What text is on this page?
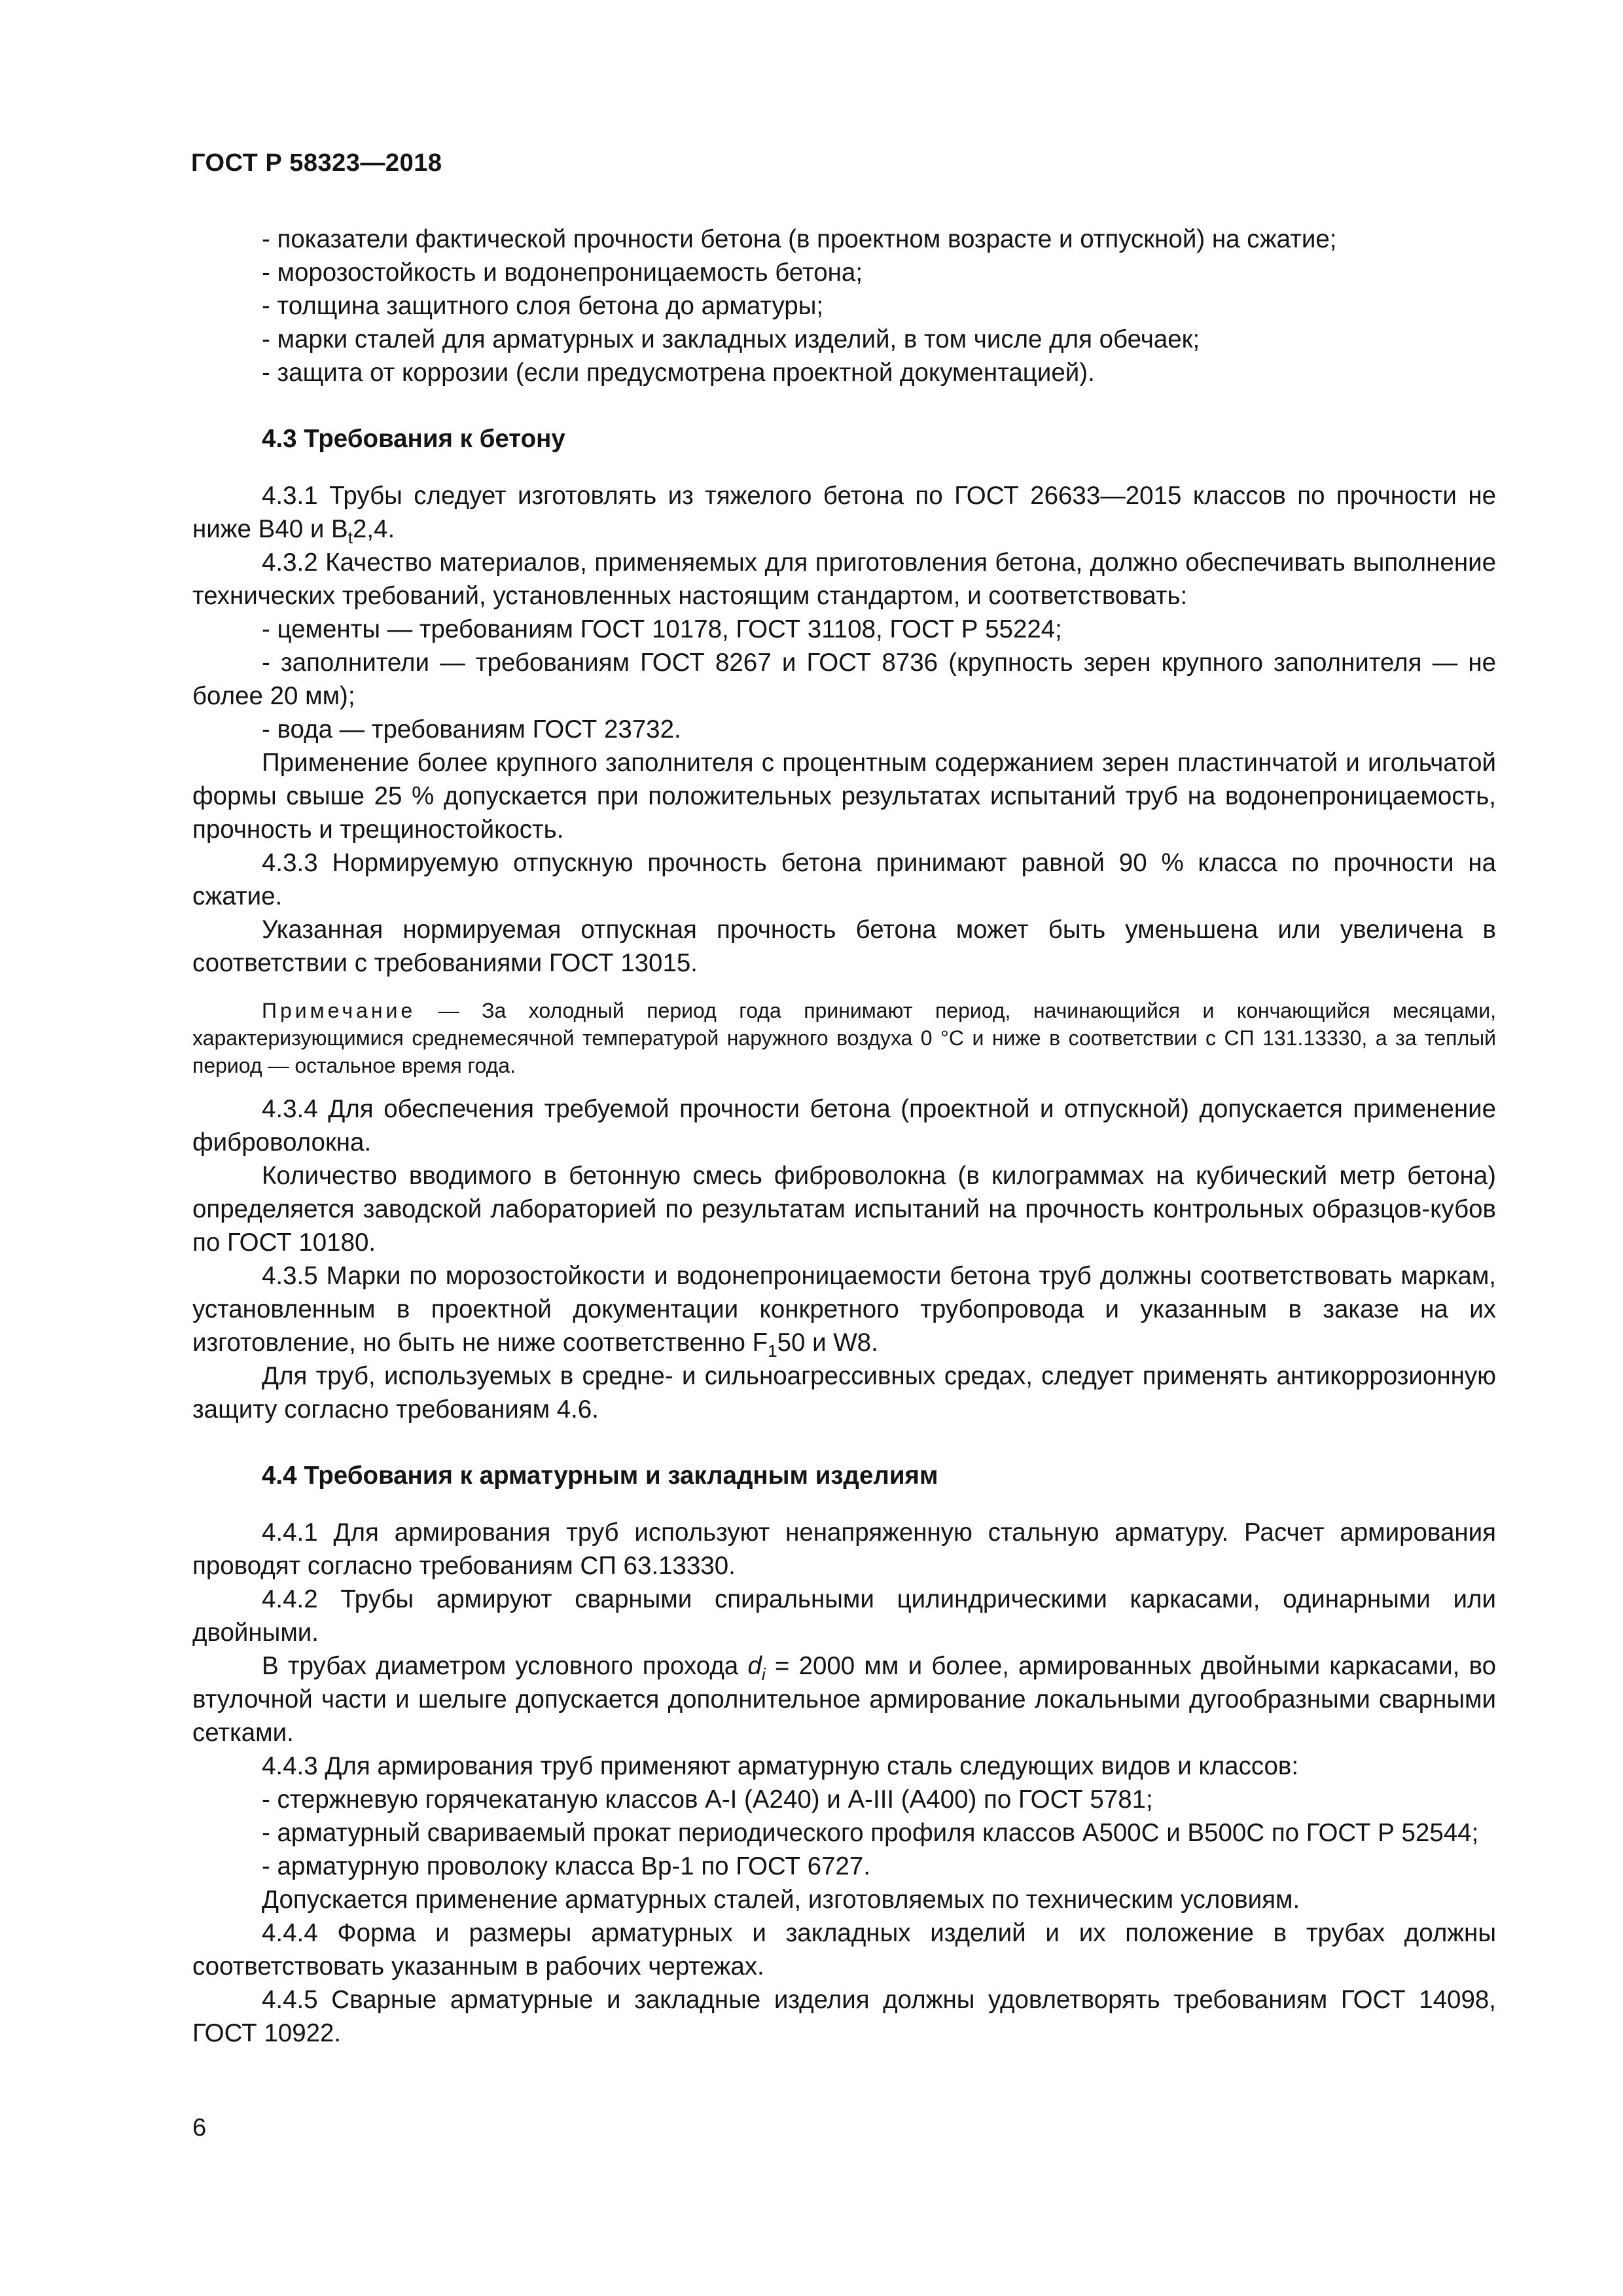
ГОСТ Р 58323—2018

- показатели фактической прочности бетона (в проектном возрасте и отпускной) на сжатие;

- морозостойкость и водонепроницаемость бетона;

- толщина защитного слоя бетона до арматуры;

- марки сталей для арматурных и закладных изделий, в том числе для обечаек;

- защита от коррозии (если предусмотрена проектной документацией).

4.3 Требования к бетону

4.3.1 Трубы следует изготовлять из тяжелого бетона по ГОСТ 26633—2015 классов по прочности не ниже В40 и $В_t2,4$.

4.3.2 Качество материалов, применяемых для приготовления бетона, должно обеспечивать выполнение технических требований, установленных настоящим стандартом, и соответствовать:

- цементы — требованиям ГОСТ 10178, ГОСТ 31108, ГОСТ Р 55224;

- заполнители — требованиям ГОСТ 8267 и ГОСТ 8736 (крупность зерен крупного заполнителя — не более 20 мм);

- вода — требованиям ГОСТ 23732.

Применение более крупного заполнителя с процентным содержанием зерен пластинчатой и игольчатой формы свыше 25 % допускается при положительных результатах испытаний труб на водонепроницаемость, прочность и трещиностойкость.

4.3.3 Нормируемую отпускную прочность бетона принимают равной 90 % класса по прочности на сжатие.

Указанная нормируемая отпускная прочность бетона может быть уменьшена или увеличена в соответствии с требованиями ГОСТ 13015.

Примечание — За холодный период года принимают период, начинающийся и кончающийся месяцами, характеризующимися среднемесячной температурой наружного воздуха 0 °С и ниже в соответствии с СП 131.13330, а за теплый период — остальное время года.

4.3.4 Для обеспечения требуемой прочности бетона (проектной и отпускной) допускается применение фиброволокна.

Количество вводимого в бетонную смесь фиброволокна (в килограммах на кубический метр бетона) определяется заводской лабораторией по результатам испытаний на прочность контрольных образцов-кубов по ГОСТ 10180.

4.3.5 Марки по морозостойкости и водонепроницаемости бетона труб должны соответствовать маркам, установленным в проектной документации конкретного трубопровода и указанным в заказе на их изготовление, но быть не ниже соответственно $F_150$ и W8.

Для труб, используемых в средне- и сильноагрессивных средах, следует применять антикоррозионную защиту согласно требованиям 4.6.

4.4 Требования к арматурным и закладным изделиям

4.4.1 Для армирования труб используют ненапряженную стальную арматуру. Расчет армирования проводят согласно требованиям СП 63.13330.

4.4.2 Трубы армируют сварными спиральными цилиндрическими каркасами, одинарными или двойными.

В трубах диаметром условного прохода $d_i = 2000$ мм и более, армированных двойными каркасами, во втулочной части и шелыге допускается дополнительное армирование локальными дугообразными сварными сетками.

4.4.3 Для армирования труб применяют арматурную сталь следующих видов и классов:

- стержневую горячекатаную классов А-I (А240) и А-III (А400) по ГОСТ 5781;

- арматурный свариваемый прокат периодического профиля классов А500С и В500С по ГОСТ Р 52544;

- арматурную проволоку класса Вр-1 по ГОСТ 6727.

Допускается применение арматурных сталей, изготовляемых по техническим условиям.

4.4.4 Форма и размеры арматурных и закладных изделий и их положение в трубах должны соответствовать указанным в рабочих чертежах.

4.4.5 Сварные арматурные и закладные изделия должны удовлетворять требованиям ГОСТ 14098, ГОСТ 10922.

6
